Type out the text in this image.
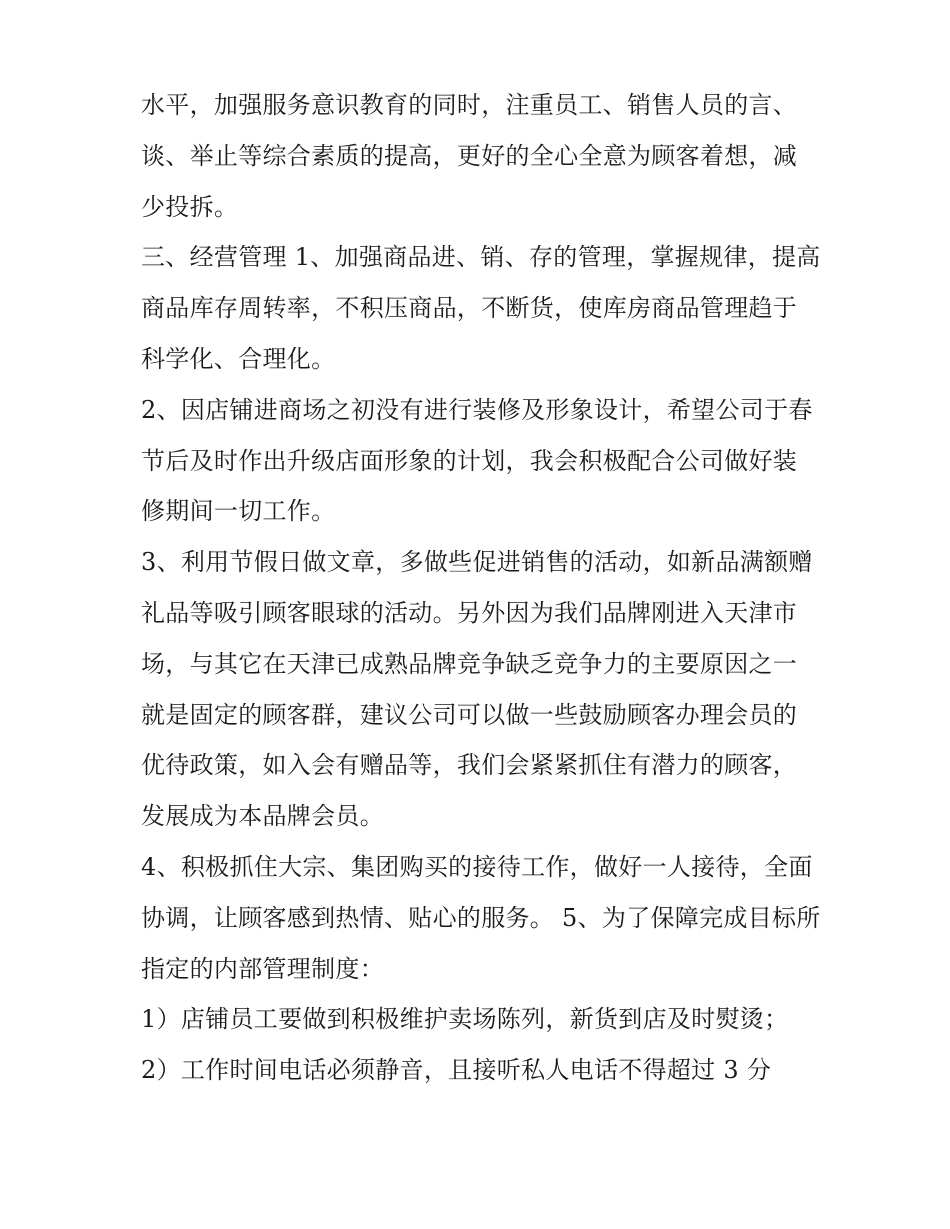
水平，加强服务意识教育的同时，注重员工、销售人员的言、谈、举止等综合素质的提高，更好的全心全意为顾客着想，减少投拆。

三、经营管理 1、加强商品进、销、存的管理，掌握规律，提高商品库存周转率，不积压商品，不断货，使库房商品管理趋于科学化、合理化。

2、因店铺进商场之初没有进行装修及形象设计，希望公司于春节后及时作出升级店面形象的计划，我会积极配合公司做好装修期间一切工作。

3、利用节假日做文章，多做些促进销售的活动，如新品满额赠礼品等吸引顾客眼球的活动。另外因为我们品牌刚进入天津市场，与其它在天津已成熟品牌竞争缺乏竞争力的主要原因之一就是固定的顾客群，建议公司可以做一些鼓励顾客办理会员的优待政策，如入会有赠品等，我们会紧紧抓住有潜力的顾客，发展成为本品牌会员。

4、积极抓住大宗、集团购买的接待工作，做好一人接待，全面协调，让顾客感到热情、贴心的服务。 5、为了保障完成目标所指定的内部管理制度：

1）店铺员工要做到积极维护卖场陈列，新货到店及时熨烫；

2）工作时间电话必须静音，且接听私人电话不得超过 3 分
